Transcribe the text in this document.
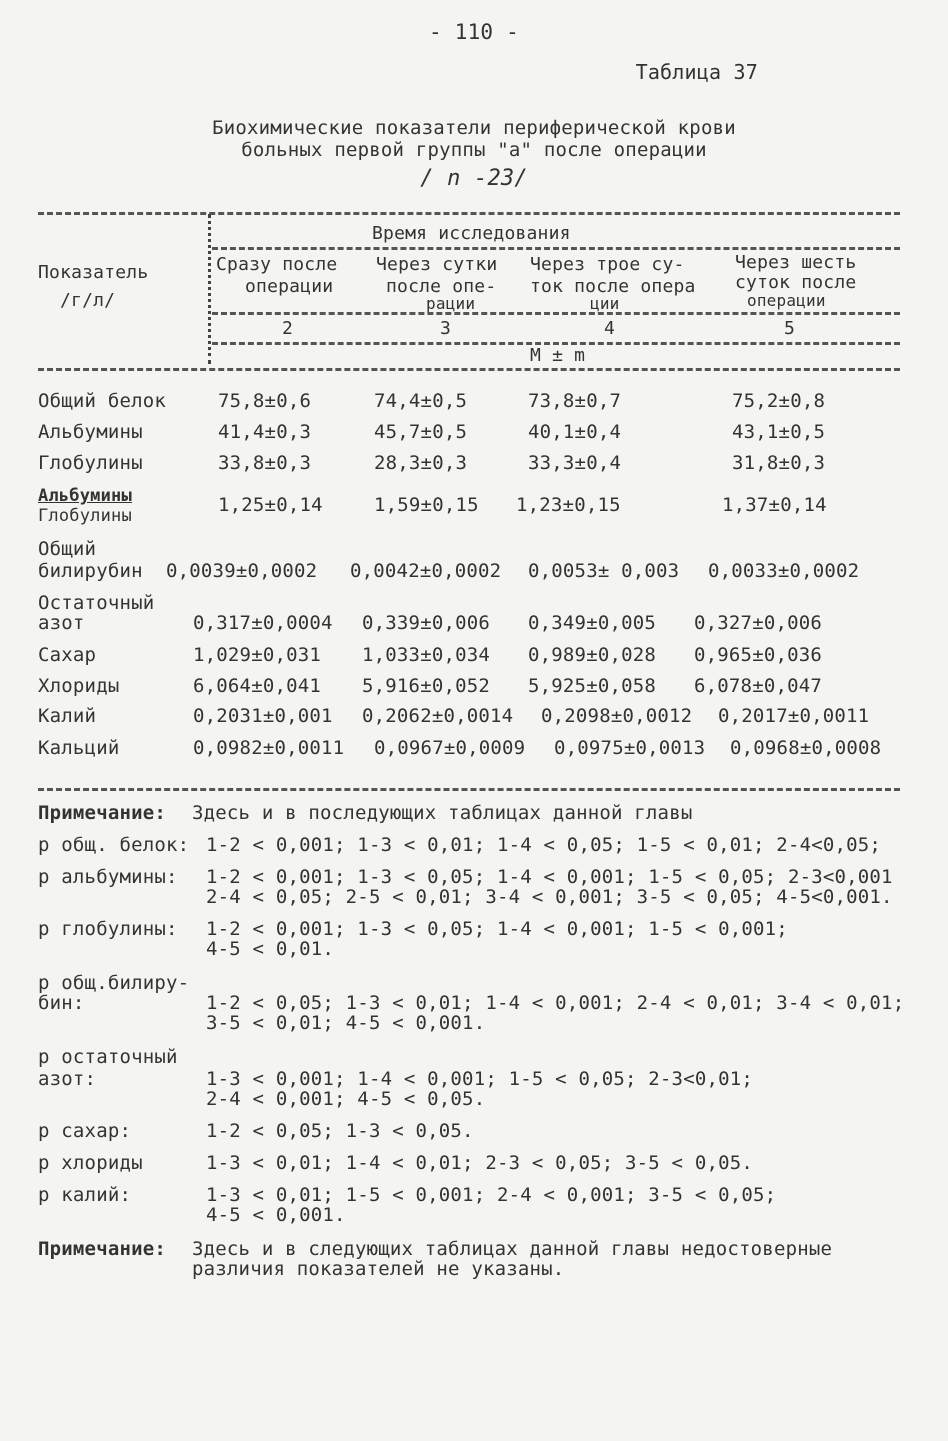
- 110 -
Таблица 37
Биохимические показатели периферической крови
больных первой группы "а" после операции
/ n -23/
Показатель
/г/л/
Время исследования
Сразу после
операции
Через сутки
после опе-
рации
Через трое су-
ток после опера
ции
Через шесть
суток после
операции
2	3	4	5
M ± m
Общий белок	75,8±0,6	74,4±0,5	73,8±0,7	75,2±0,8
Альбумины	41,4±0,3	45,7±0,5	40,1±0,4	43,1±0,5
Глобулины	33,8±0,3	28,3±0,3	33,3±0,4	31,8±0,3
Альбумины
Глобулины	1,25±0,14	1,59±0,15 1,23±0,15	1,37±0,14
Общий
билирубин 0,0039±0,0002 0,0042±0,0002 0,0053± 0,003 0,0033±0,0002
Остаточный
азот	0,317±0,0004 0,339±0,006 0,349±0,005 0,327±0,006
Сахар	1,029±0,031 1,033±0,034 0,989±0,028 0,965±0,036
Хлориды	6,064±0,041 5,916±0,052 5,925±0,058 6,078±0,047
Калий	0,2031±0,001 0,2062±0,0014 0,2098±0,0012 0,2017±0,0011
Кальций	0,0982±0,0011 0,0967±0,0009 0,0975±0,0013 0,0968±0,0008
Примечание: Здесь и в последующих таблицах данной главы
р общ. белок: 1-2 < 0,001; 1-3 < 0,01; 1-4 < 0,05; 1-5 < 0,01; 2-4<0,05;
р альбумины: 1-2 < 0,001; 1-3 < 0,05; 1-4 < 0,001; 1-5 < 0,05; 2-3<0,001
2-4 < 0,05; 2-5 < 0,01; 3-4 < 0,001; 3-5 < 0,05; 4-5<0,001.
р глобулины: 1-2 < 0,001; 1-3 < 0,05; 1-4 < 0,001; 1-5 < 0,001;
4-5 < 0,01.
р общ.билиру-
бин:	1-2 < 0,05; 1-3 < 0,01; 1-4 < 0,001; 2-4 < 0,01; 3-4 < 0,01;
3-5 < 0,01; 4-5 < 0,001.
р остаточный
азот:	1-3 < 0,001; 1-4 < 0,001; 1-5 < 0,05; 2-3<0,01;
2-4 < 0,001; 4-5 < 0,05.
р сахар:	1-2 < 0,05; 1-3 < 0,05.
р хлориды	1-3 < 0,01; 1-4 < 0,01; 2-3 < 0,05; 3-5 < 0,05.
р калий:	1-3 < 0,01; 1-5 < 0,001; 2-4 < 0,001; 3-5 < 0,05;
4-5 < 0,001.
Примечание: Здесь и в следующих таблицах данной главы недостоверные
различия показателей не указаны.
